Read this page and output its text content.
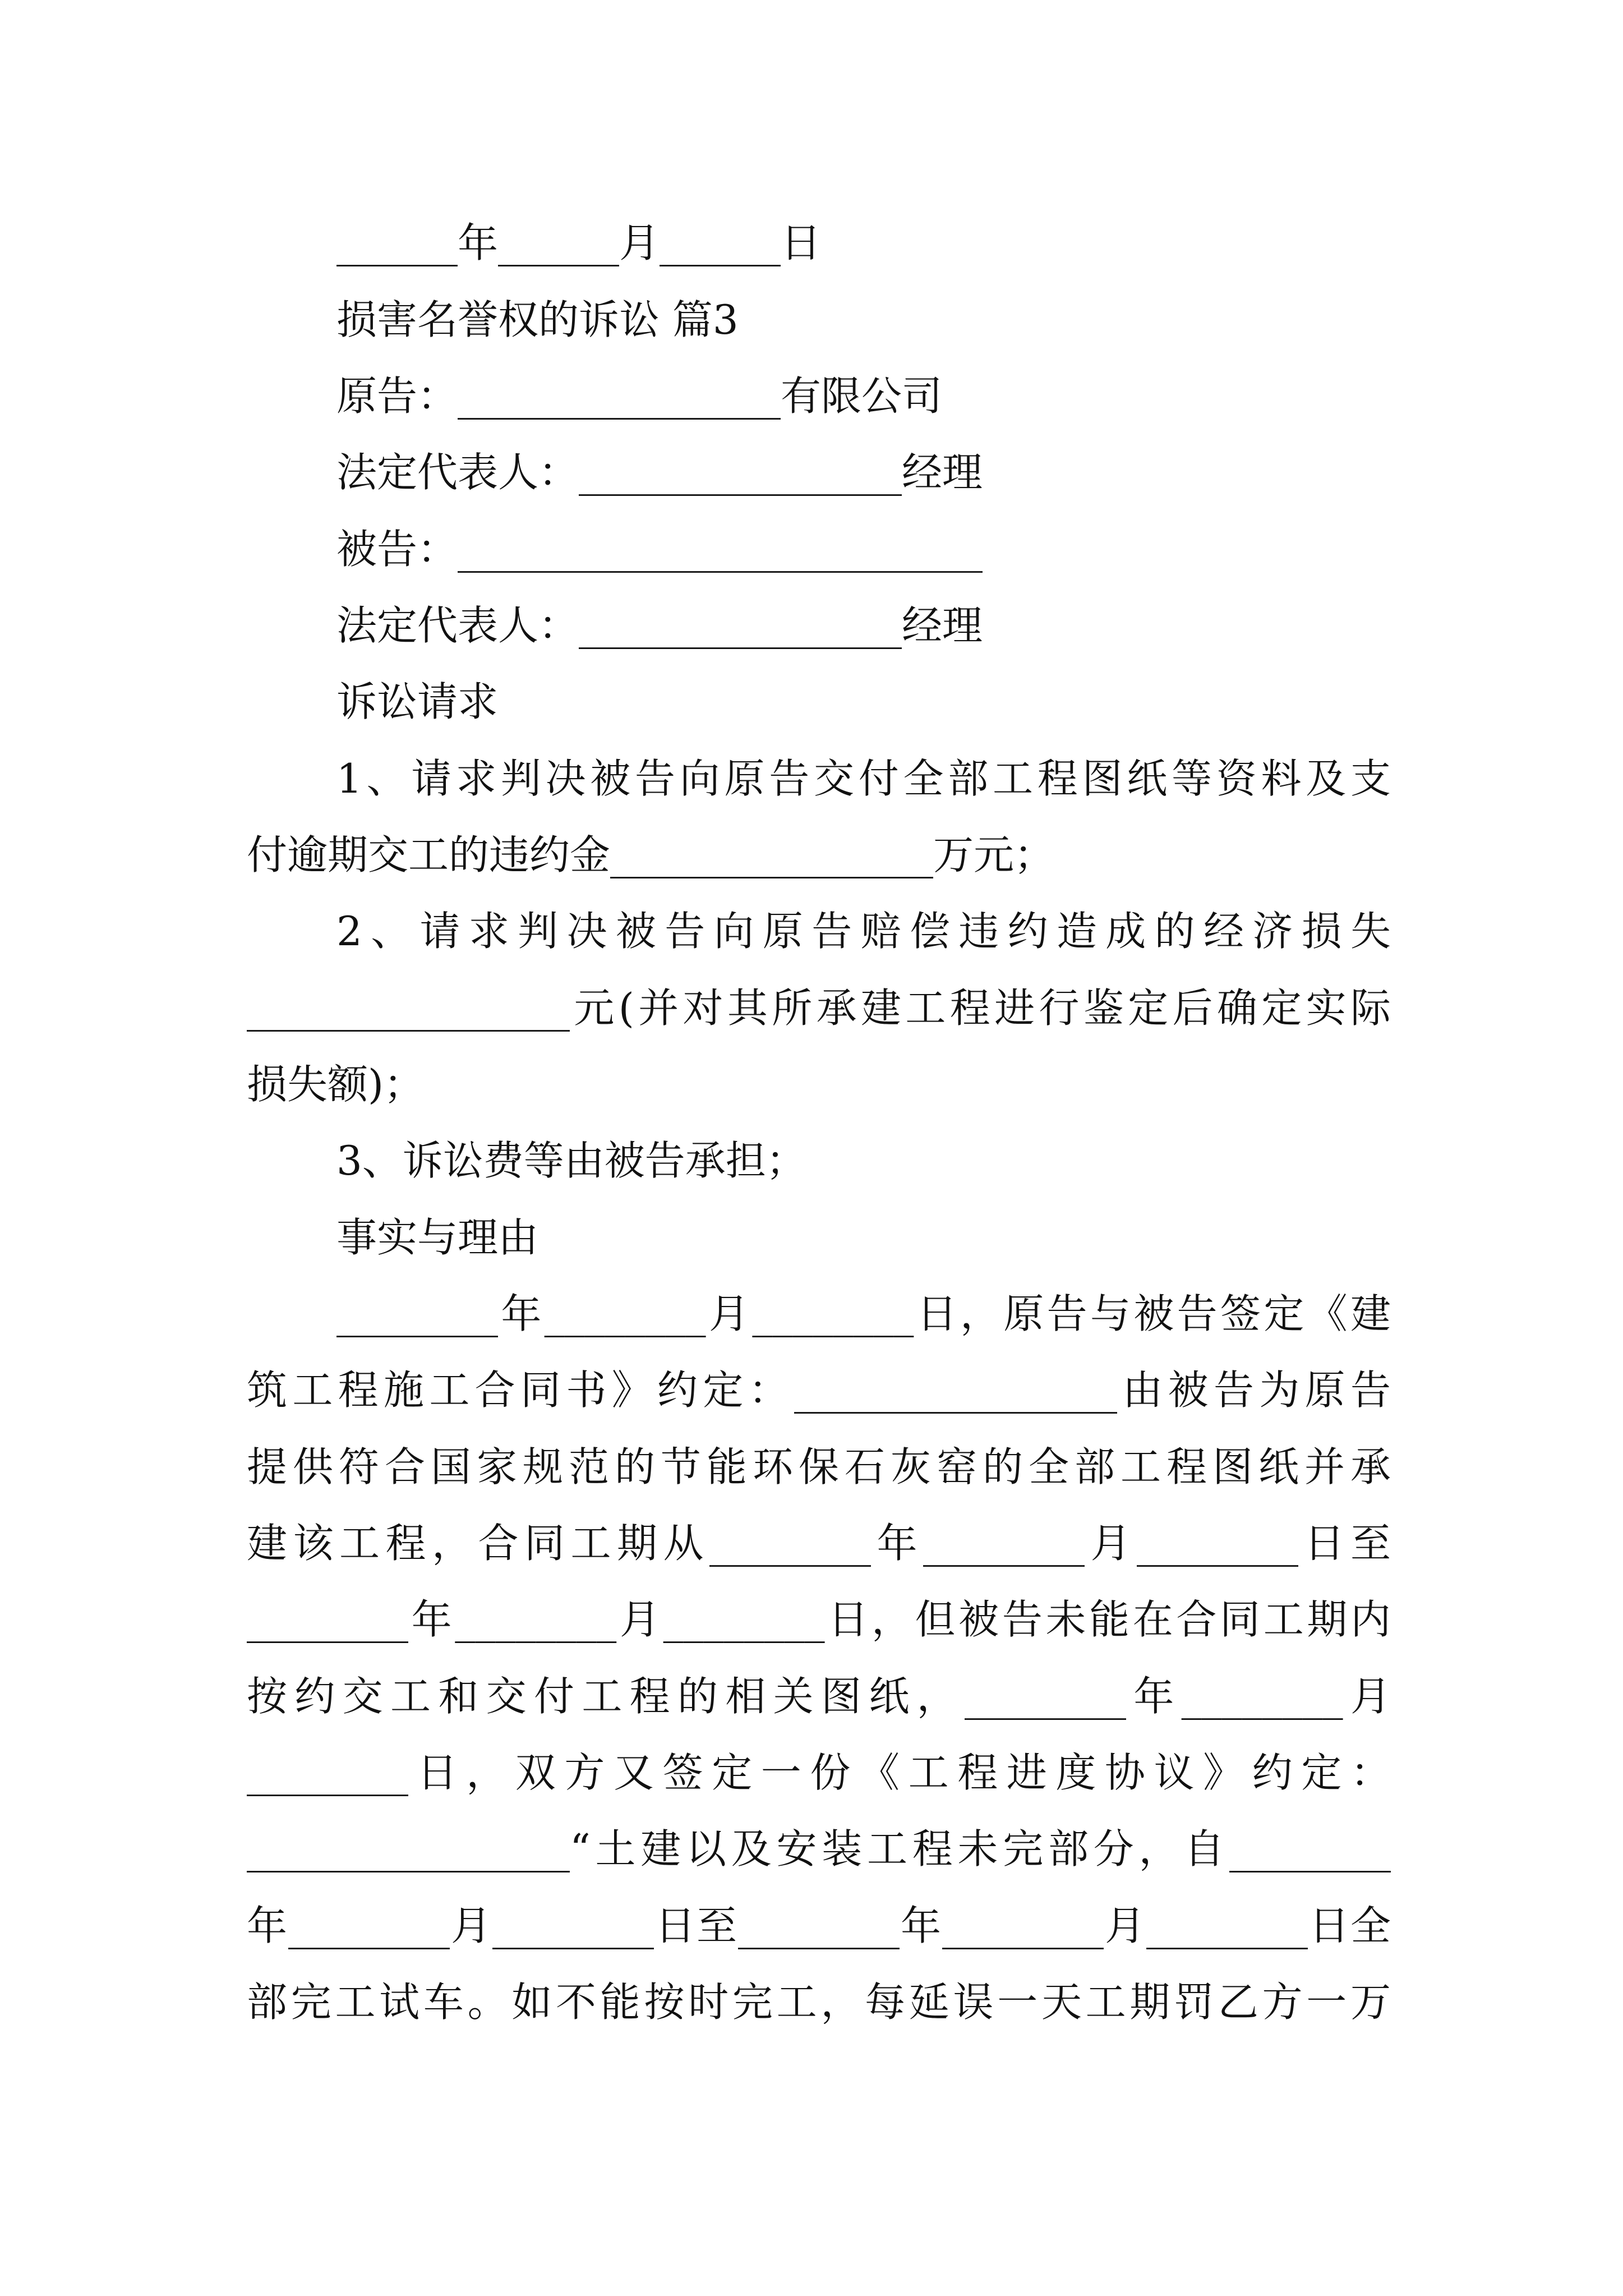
______年______月______日
损害名誉权的诉讼 篇3
原告：________________有限公司
法定代表人：________________经理
被告：__________________________
法定代表人：________________经理
诉讼请求
1、请求判决被告向原告交付全部工程图纸等资料及支
付逾期交工的违约金________________万元；
2、请求判决被告向原告赔偿违约造成的经济损失
________________元(并对其所承建工程进行鉴定后确定实际
损失额)；
3、诉讼费等由被告承担；
事实与理由
________年________月________日，原告与被告签定《建
筑工程施工合同书》约定：________________由被告为原告
提供符合国家规范的节能环保石灰窑的全部工程图纸并承
建该工程，合同工期从________年________月________日至
________年________月________日，但被告未能在合同工期内
按约交工和交付工程的相关图纸，________年________月
________日，双方又签定一份《工程进度协议》约定：
________________“土建以及安装工程未完部分，自________
年________月________日至________年________月________日全
部完工试车。如不能按时完工，每延误一天工期罚乙方一万
